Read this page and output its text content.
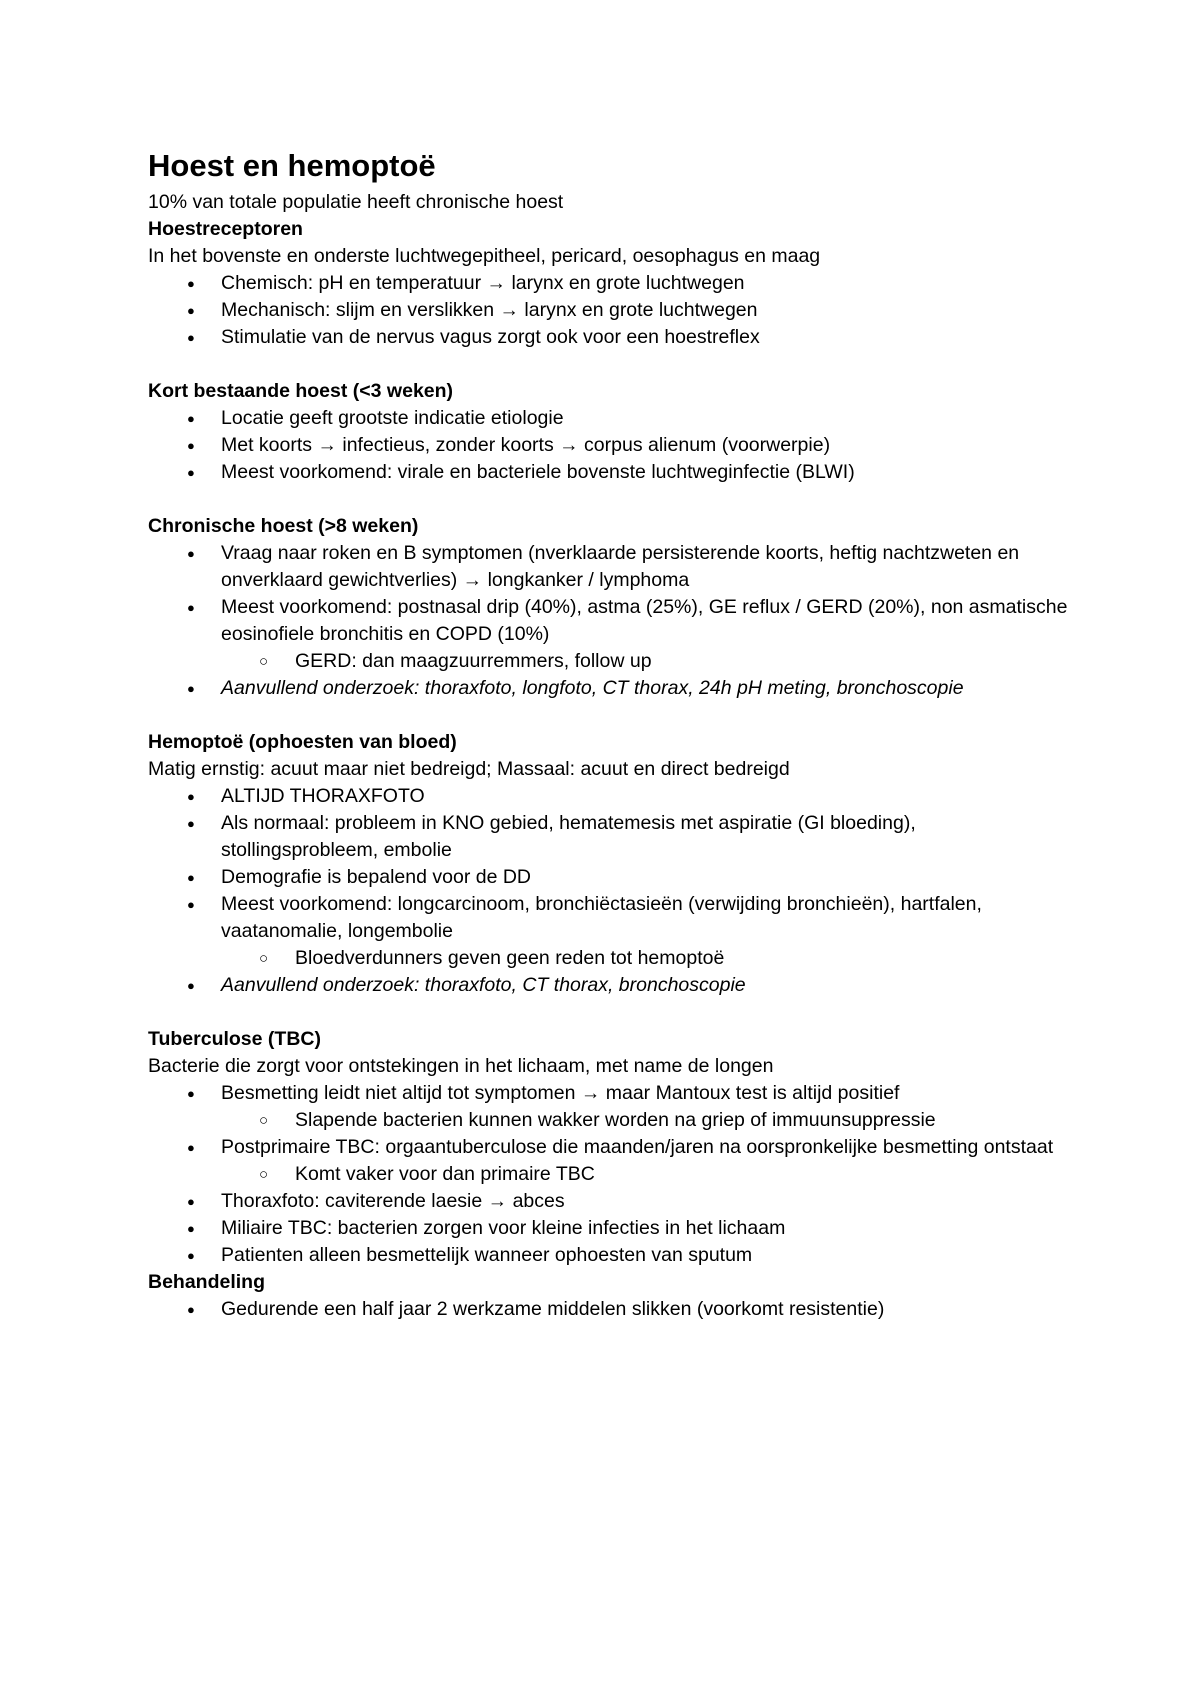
Hoest en hemoptoë

10% van totale populatie heeft chronische hoest

Hoestreceptoren

In het bovenste en onderste luchtwegepitheel, pericard, oesophagus en maag

●	Chemisch: pH en temperatuur → larynx en grote luchtwegen
●	Mechanisch: slijm en verslikken → larynx en grote luchtwegen
●	Stimulatie van de nervus vagus zorgt ook voor een hoestreflex

Kort bestaande hoest (<3 weken)

●	Locatie geeft grootste indicatie etiologie
●	Met koorts → infectieus, zonder koorts → corpus alienum (voorwerpie)
●	Meest voorkomend: virale en bacteriele bovenste luchtweginfectie (BLWI)

Chronische hoest (>8 weken)

●	Vraag naar roken en B symptomen (nverklaarde persisterende koorts, heftig nachtzweten en onverklaard gewichtverlies) → longkanker / lymphoma
●	Meest voorkomend: postnasal drip (40%), astma (25%), GE reflux / GERD (20%), non asmatische eosinofiele bronchitis en COPD (10%)
○	GERD: dan maagzuurremmers, follow up
●	Aanvullend onderzoek: thoraxfoto, longfoto, CT thorax, 24h pH meting, bronchoscopie

Hemoptoë (ophoesten van bloed)

Matig ernstig: acuut maar niet bedreigd; Massaal: acuut en direct bedreigd

●	ALTIJD THORAXFOTO
●	Als normaal: probleem in KNO gebied, hematemesis met aspiratie (GI bloeding), stollingsprobleem, embolie
●	Demografie is bepalend voor de DD
●	Meest voorkomend: longcarcinoom, bronchiëctasieën (verwijding bronchieën), hartfalen, vaatanomalie, longembolie
○	Bloedverdunners geven geen reden tot hemoptoë
●	Aanvullend onderzoek: thoraxfoto, CT thorax, bronchoscopie

Tuberculose (TBC)

Bacterie die zorgt voor ontstekingen in het lichaam, met name de longen

●	Besmetting leidt niet altijd tot symptomen → maar Mantoux test is altijd positief
○	Slapende bacterien kunnen wakker worden na griep of immuunsuppressie
●	Postprimaire TBC: orgaantuberculose die maanden/jaren na oorspronkelijke besmetting ontstaat
○	Komt vaker voor dan primaire TBC
●	Thoraxfoto: caviterende laesie → abces
●	Miliaire TBC: bacterien zorgen voor kleine infecties in het lichaam
●	Patienten alleen besmettelijk wanneer ophoesten van sputum

Behandeling

●	Gedurende een half jaar 2 werkzame middelen slikken (voorkomt resistentie)
